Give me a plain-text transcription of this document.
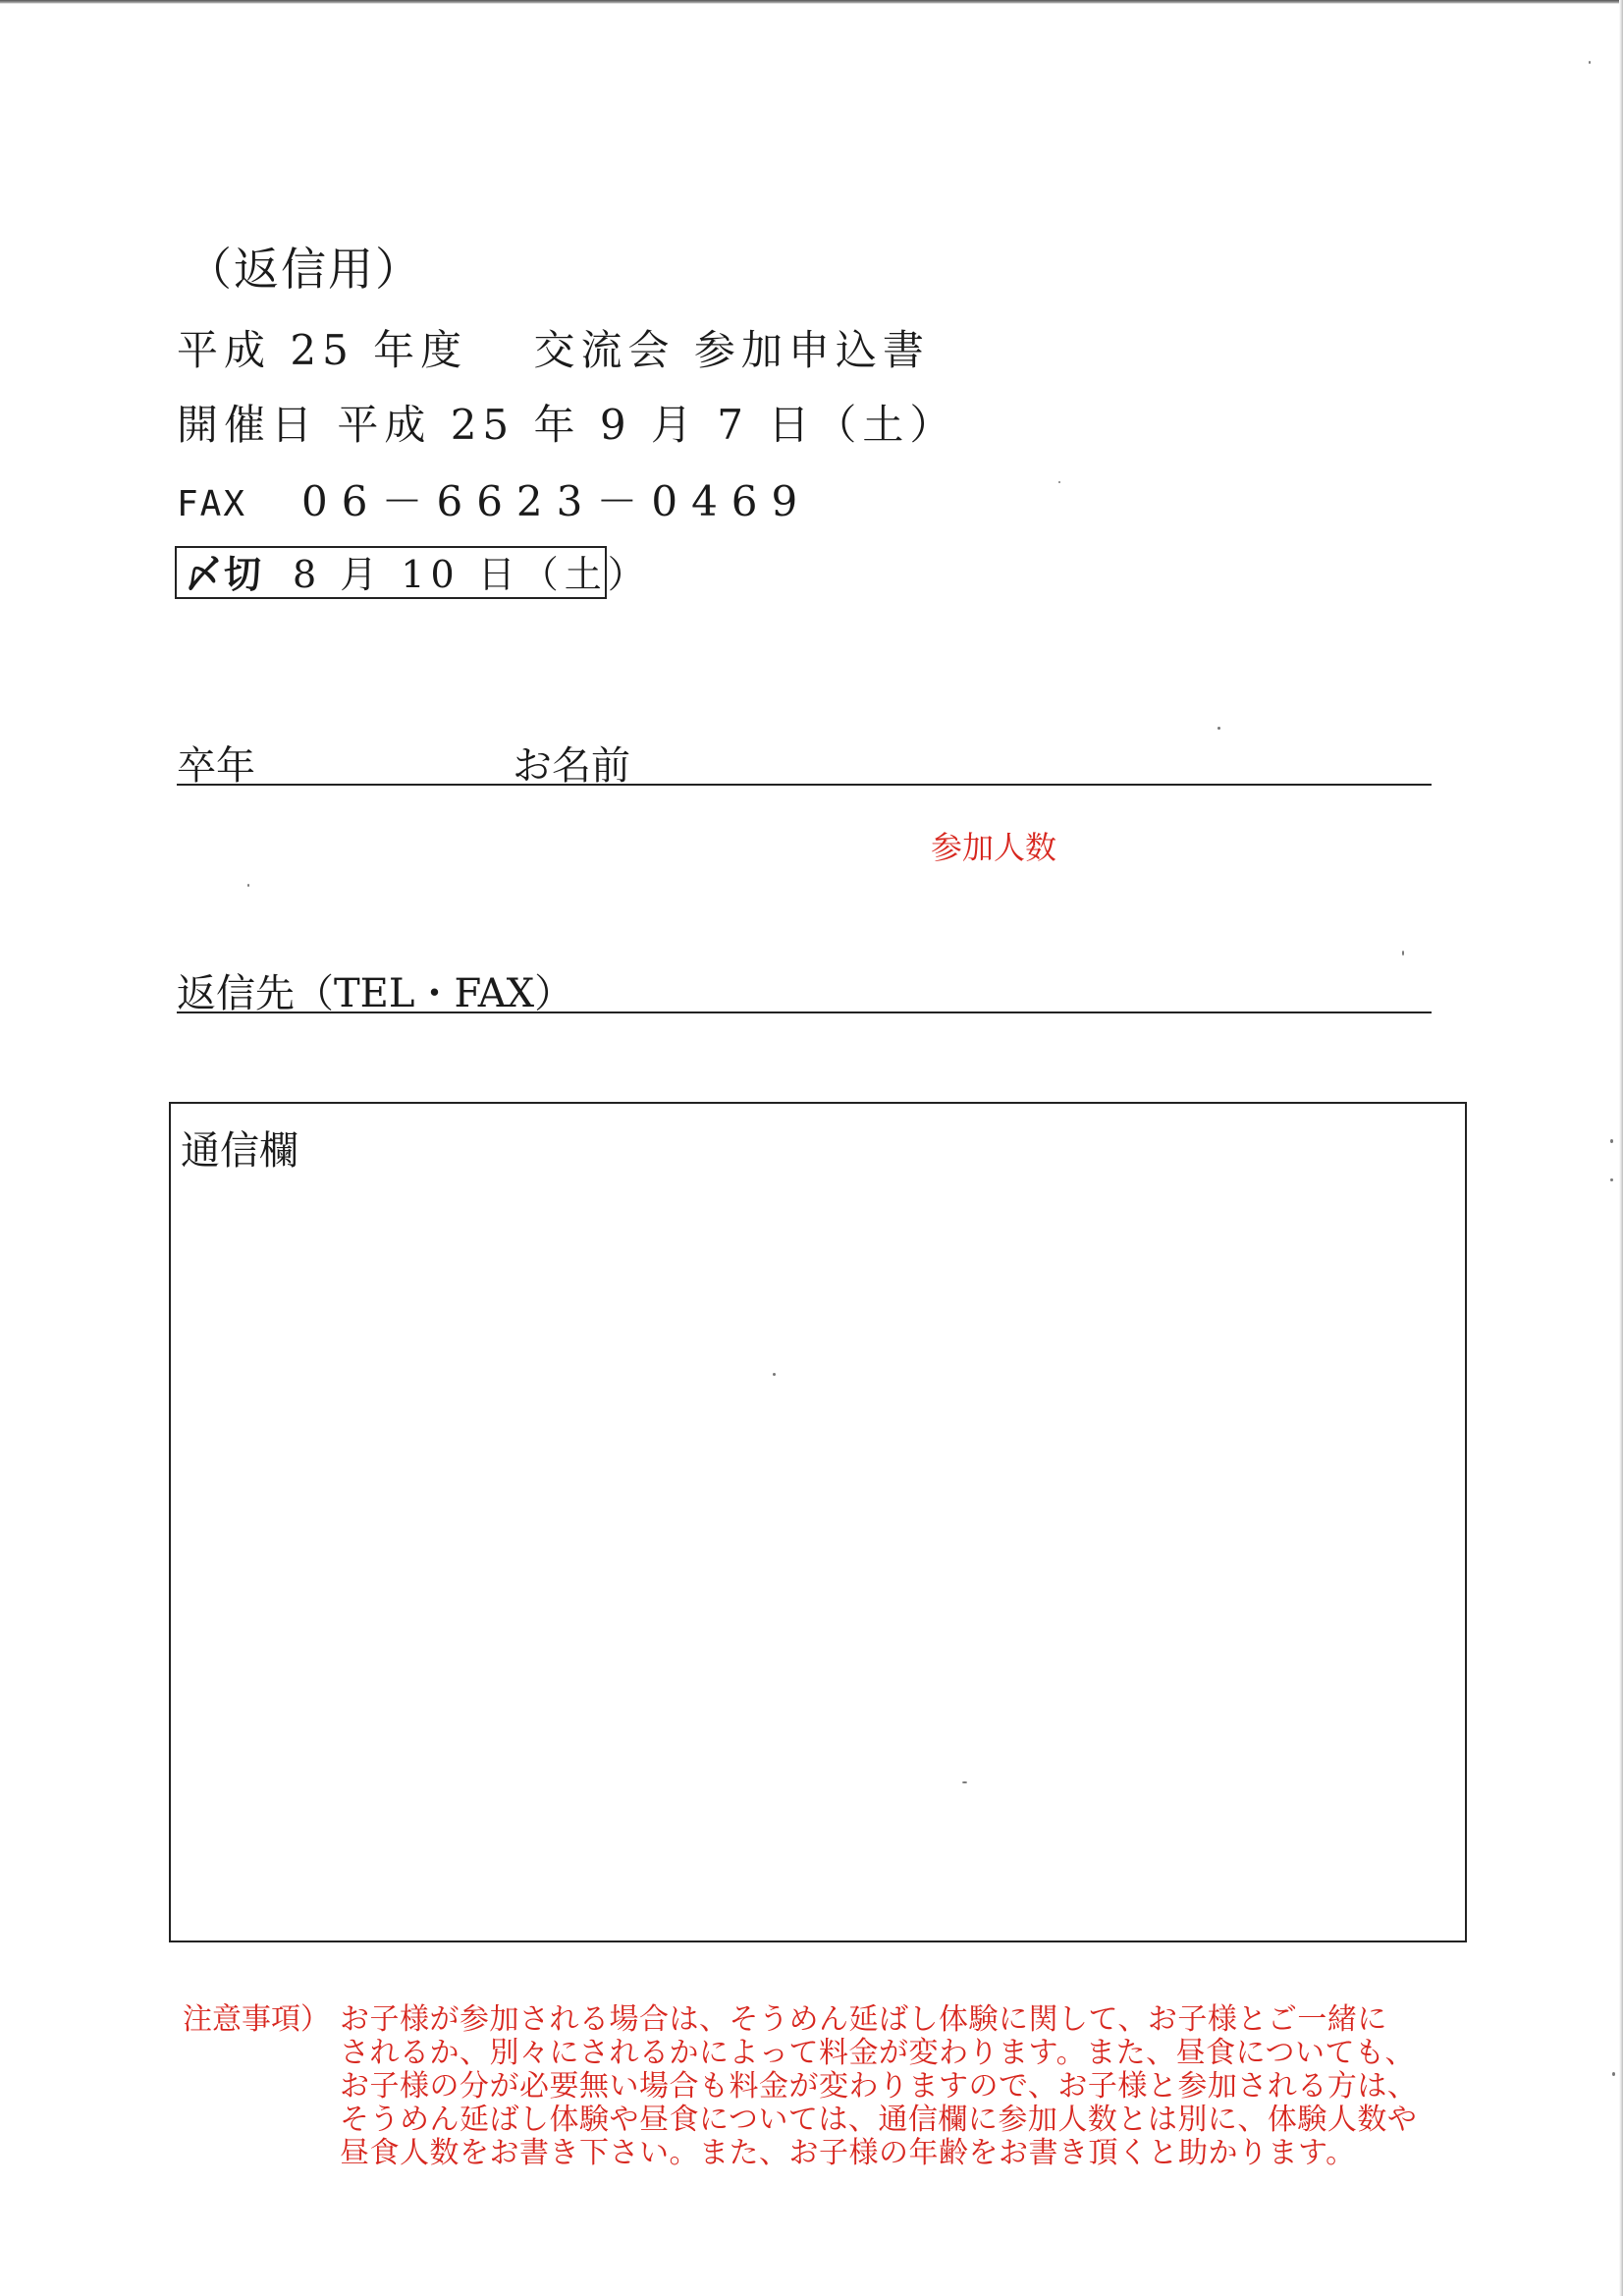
（返信用）
平成 25 年度　 交流会 参加申込書
開催日 平成 25 年 9 月 7 日（土）
FAX 06－6623－0469
〆切 8 月 10 日（土）
卒年	お名前
参加人数
返信先（TEL・FAX）
通信欄
注意事項） お子様が参加される場合は、そうめん延ばし体験に関して、お子様とご一緒に
されるか、別々にされるかによって料金が変わります。また、昼食についても、
お子様の分が必要無い場合も料金が変わりますので、お子様と参加される方は、
そうめん延ばし体験や昼食については、通信欄に参加人数とは別に、体験人数や
昼食人数をお書き下さい。また、お子様の年齢をお書き頂くと助かります。
